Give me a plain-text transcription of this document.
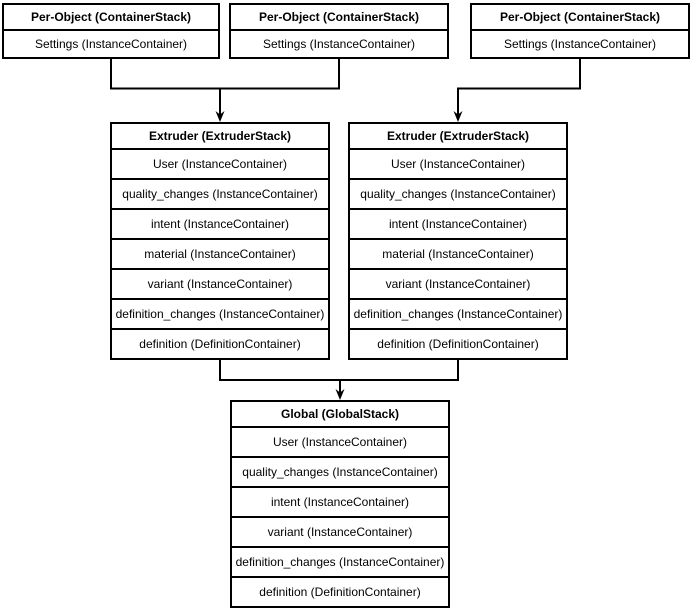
Per-Object (ContainerStack)
Settings (InstanceContainer)
Per-Object (ContainerStack)
Settings (InstanceContainer)
Per-Object (ContainerStack)
Settings (InstanceContainer)
Extruder (ExtruderStack)
User (InstanceContainer)
quality_changes (InstanceContainer)
intent (InstanceContainer)
material (InstanceContainer)
variant (InstanceContainer)
definition_changes (InstanceContainer)
definition (DefinitionContainer)
Extruder (ExtruderStack)
User (InstanceContainer)
quality_changes (InstanceContainer)
intent (InstanceContainer)
material (InstanceContainer)
variant (InstanceContainer)
definition_changes (InstanceContainer)
definition (DefinitionContainer)
Global (GlobalStack)
User (InstanceContainer)
quality_changes (InstanceContainer)
intent (InstanceContainer)
variant (InstanceContainer)
definition_changes (InstanceContainer)
definition (DefinitionContainer)
